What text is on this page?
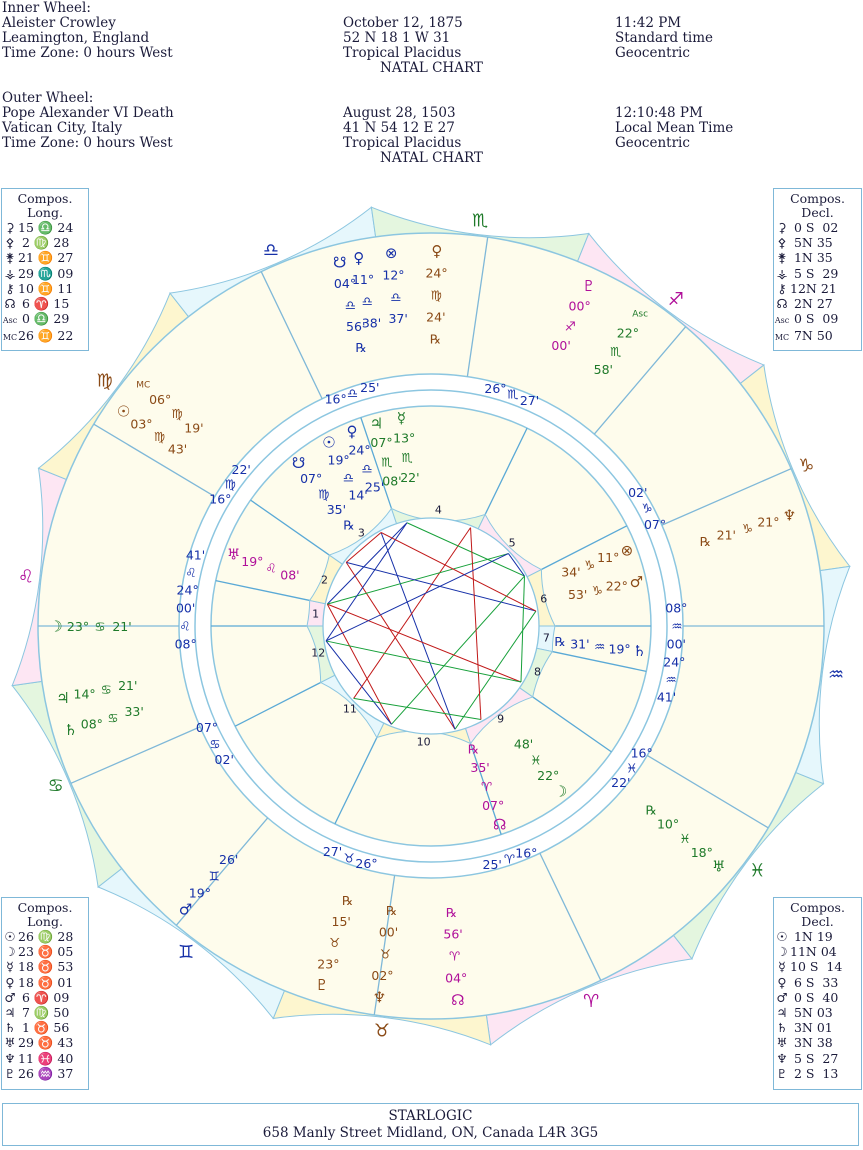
Inner Wheel:
Aleister Crowley
Leamington, England
Time Zone: 0 hours West
October 12, 1875
52 N 18 1 W 31
Tropical Placidus
NATAL CHART
11:42 PM
Standard time
Geocentric
Outer Wheel:
Pope Alexander VI Death
Vatican City, Italy
Time Zone: 0 hours West
August 28, 1503
41 N 54 12 E 27
Tropical Placidus
NATAL CHART
12:10:48 PM
Local Mean Time
Geocentric
♈
♉
♊
♋
♌
♍
♎
♏
♐
♑
♒
♓
1
2
3
4
5
6
7
8
9
10
11
12
08°
♌
00'
24°
♌
41'
16°
♍
22'
16° ♎ 25'	26° ♏ 27'
02'
♑
07°
08°
♒
00'
24°
♒
41'
16°
♓
22'
16°
♈
25'
26°
♉
27'
02'
♋
07°
♂
19°
♊
26'
♇
23°
♉
15'
℞
♆
02°
♉
00'
℞
☊
04°
♈
56'
℞
♅
18°
♓
10°
℞
♆
21°
♑
21'
℞
♀
24°
♍
24'
℞
⊗
12°
♎
37'
☋
04°
♎
56'
℞
♀
11°
♎
38'
☉
03°
♍
43'
MC
06°
♍
19'
♄ 08° ♋ 33'
♃ 14° ♋ 21'
☽ 23° ♋ 21'
♇
00°
♐
00'
Asc
22°
♏
58'
☊
07°
♈
35'
℞
☽
22°
♓
48'
♄
19°
♒
31'
℞
♂
22°
♑
53'
⊗
11°
♑
34'
♅ 19° ♌ 08'
☋
07°
♍
35'
℞
☉
19°
♎
14'
♀
24°
♎
25'
♃
07°
♏
08'
☿
13°
♏
22'
Compos.
Long.
⚳ 15 ♎ 24
⚴ 2 ♍ 28
⚵ 21 ♊ 27
⚶ 29 ♏ 09
⚷ 10 ♊ 11
☊ 6 ♈ 15
Asc 0 ♎ 29
MC26 ♊ 22
Compos.
Decl.
⚳ 0 S  02
⚴ 5N 35
⚵ 1N 35
⚶ 5 S  29
⚷ 12N 21
☊ 2N 27
Asc 0 S  09
MC 7N 50
Compos.
Long.
☉ 26 ♍ 28
☽ 23 ♉ 05
☿ 18 ♉ 53
♀ 18 ♉ 01
♂ 6 ♈ 09
♃ 7 ♍ 50
♄ 1 ♉ 56
♅ 29 ♉ 43
♆ 11 ♓ 40
♇ 26 ♒ 37
Compos.
Decl.
☉ 1N 19
☽ 11N 04
☿ 10 S  14
♀ 6 S  33
♂ 0 S  40
♃ 5N 03
♄ 3N 01
♅ 3N 38
♆ 5 S  27
♇ 2 S  13
STARLOGIC
658 Manly Street Midland, ON, Canada L4R 3G5
